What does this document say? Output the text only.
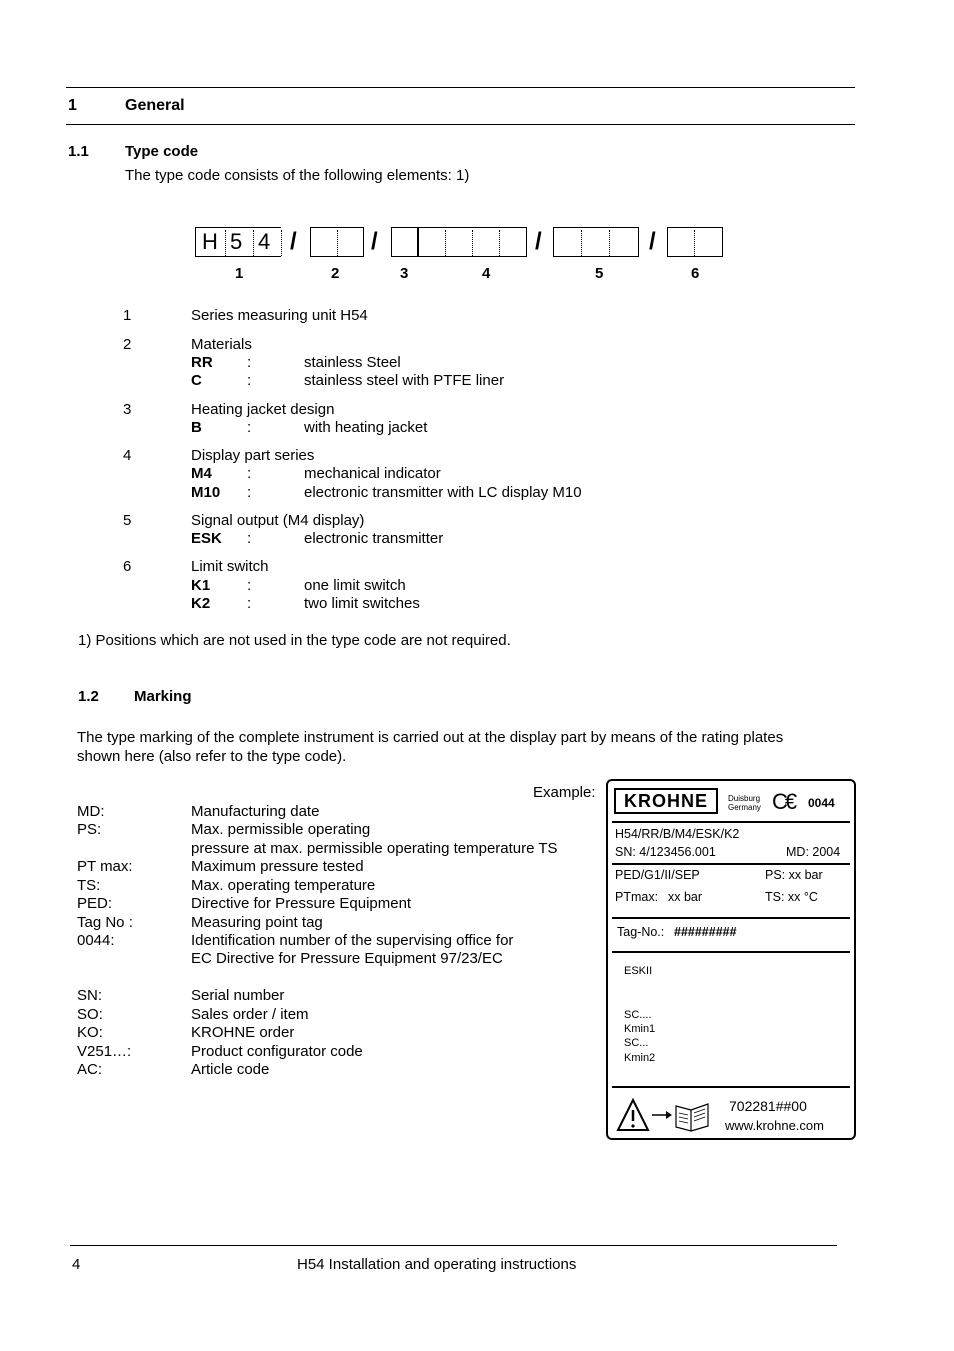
1	General
1.1 Type code
The type code consists of the following elements: 1)
H 5 4 /	/	/	/
1	2	3	4	5	6
1	Series measuring unit H54
2	Materials
RR :	stainless Steel
C	:	stainless steel with PTFE liner
3	Heating jacket design
B	:	with heating jacket
4	Display part series
M4 :	mechanical indicator
M10 :	electronic transmitter with LC display M10
5	Signal output (M4 display)
ESK :	electronic transmitter
6	Limit switch
K1 :	one limit switch
K2 :	two limit switches
1) Positions which are not used in the type code are not required.
1.2 Marking
The type marking of the complete instrument is carried out at the display part by means of the rating plates
shown here (also refer to the type code).
Example:
MD:	Manufacturing date
PS:	Max. permissible operating
pressure at max. permissible operating temperature TS
PT max:	Maximum pressure tested
TS:	Max. operating temperature
PED:	Directive for Pressure Equipment
Tag No :	Measuring point tag
0044:	Identification number of the supervising office for
EC Directive for Pressure Equipment 97/23/EC
SN:	Serial number
SO:	Sales order / item
KO:	KROHNE order
V251…:	Product configurator code
AC:	Article code
KROHNE	Duisburg
Germany C€ 0044
H54/RR/B/M4/ESK/K2
SN: 4/123456.001	MD: 2004
PED/G1/II/SEP	PS: xx bar
PTmax: xx bar	TS: xx °C
Tag-No.: #########
ESKII
SC....
Kmin1
SC...
Kmin2
702281##00
www.krohne.com
4	H54 Installation and operating instructions
